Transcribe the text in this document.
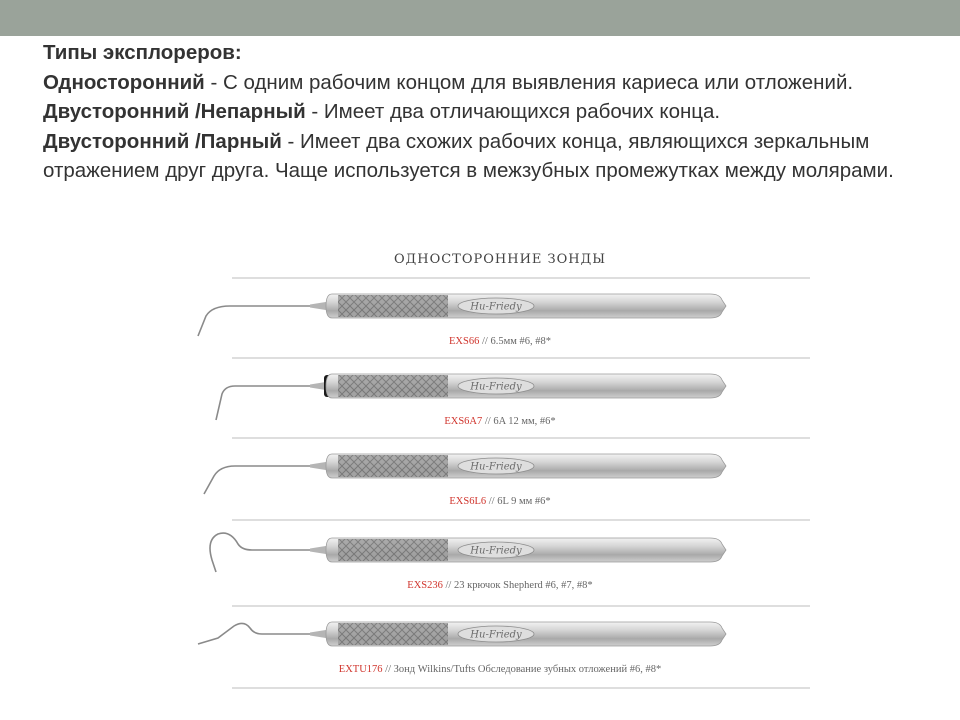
Типы эксплореров:

Односторонний - С одним рабочим концом для выявления кариеса или отложений.

Двусторонний /Непарный - Имеет два отличающихся рабочих конца.

Двусторонний /Парный - Имеет два схожих рабочих конца, являющихся зеркальным отражением друг друга. Чаще используется в межзубных промежутках между молярами.

ОДНОСТОРОННИЕ ЗОНДЫ
Hu-Friedy
Hu-Friedy
Hu-Friedy
Hu-Friedy
Hu-Friedy
EXS66 // 6.5мм #6, #8*
EXS6A7 // 6A 12 мм, #6*
EXS6L6 // 6L 9 мм #6*
EXS236 // 23 крючок Shepherd #6, #7, #8*
EXTU176 // Зонд Wilkins/Tufts Обследование зубных отложений #6, #8*
